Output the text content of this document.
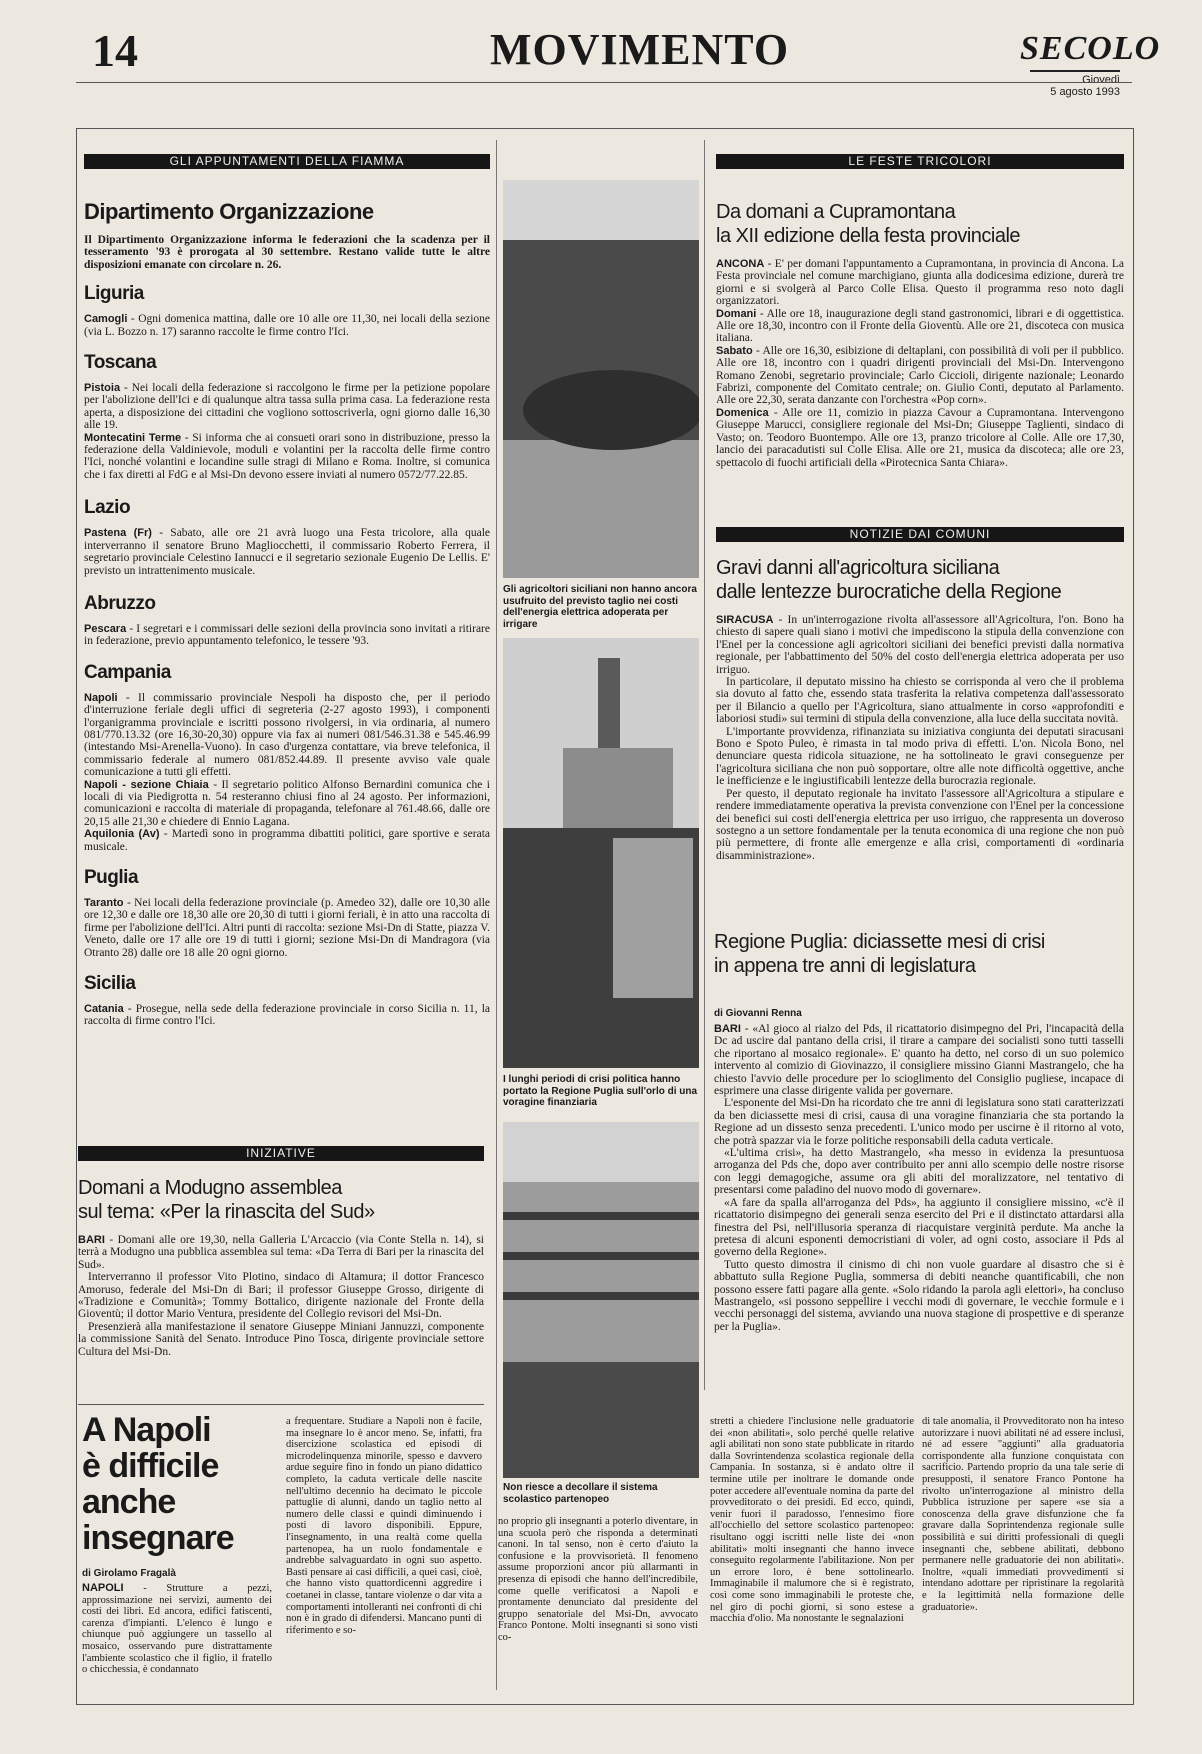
14	MOVIMENTO	SECOLO
Giovedì
5 agosto 1993
GLI APPUNTAMENTI DELLA FIAMMA
Dipartimento Organizzazione

Il Dipartimento Organizzazione informa le federazioni che la scadenza per il tesseramento '93 è prorogata al 30 settembre. Restano valide tutte le altre disposizioni emanate con circolare n. 26.

Liguria

Camogli - Ogni domenica mattina, dalle ore 10 alle ore 11,30, nei locali della sezione (via L. Bozzo n. 17) saranno raccolte le firme contro l'Ici.

Toscana

Pistoia - Nei locali della federazione si raccolgono le firme per la petizione popolare per l'abolizione dell'Ici e di qualunque altra tassa sulla prima casa. La federazione resta aperta, a disposizione dei cittadini che vogliono sottoscriverla, ogni giorno dalle 16,30 alle 19.

Montecatini Terme - Si informa che ai consueti orari sono in distribuzione, presso la federazione della Valdinievole, moduli e volantini per la raccolta delle firme contro l'Ici, nonché volantini e locandine sulle stragi di Milano e Roma. Inoltre, si comunica che i fax diretti al FdG e al Msi-Dn devono essere inviati al numero 0572/77.22.85.

Lazio

Pastena (Fr) - Sabato, alle ore 21 avrà luogo una Festa tricolore, alla quale interverranno il senatore Bruno Magliocchetti, il commissario Roberto Ferrera, il segretario provinciale Celestino Iannucci e il segretario sezionale Eugenio De Lellis. E' previsto un intrattenimento musicale.

Abruzzo

Pescara - I segretari e i commissari delle sezioni della provincia sono invitati a ritirare in federazione, previo appuntamento telefonico, le tessere '93.

Campania

Napoli - Il commissario provinciale Nespoli ha disposto che, per il periodo d'interruzione feriale degli uffici di segreteria (2-27 agosto 1993), i componenti l'organigramma provinciale e iscritti possono rivolgersi, in via ordinaria, al numero 081/770.13.32 (ore 16,30-20,30) oppure via fax ai numeri 081/546.31.38 e 545.46.99 (intestando Msi-Arenella-Vuono). In caso d'urgenza contattare, via breve telefonica, il commissario federale al numero 081/852.44.89. Il presente avviso vale quale comunicazione a tutti gli effetti.

Napoli - sezione Chiaia - Il segretario politico Alfonso Bernardini comunica che i locali di via Piedigrotta n. 54 resteranno chiusi fino al 24 agosto. Per informazioni, comunicazioni e raccolta di materiale di propaganda, telefonare al 761.48.66, dalle ore 20,15 alle 21,30 e chiedere di Ennio Lagana.

Aquilonia (Av) - Martedì sono in programma dibattiti politici, gare sportive e serata musicale.

Puglia

Taranto - Nei locali della federazione provinciale (p. Amedeo 32), dalle ore 10,30 alle ore 12,30 e dalle ore 18,30 alle ore 20,30 di tutti i giorni feriali, è in atto una raccolta di firme per l'abolizione dell'Ici. Altri punti di raccolta: sezione Msi-Dn di Statte, piazza V. Veneto, dalle ore 17 alle ore 19 di tutti i giorni; sezione Msi-Dn di Mandragora (via Otranto 28) dalle ore 18 alle 20 ogni giorno.

Sicilia

Catania - Prosegue, nella sede della federazione provinciale in corso Sicilia n. 11, la raccolta di firme contro l'Ici.

INIZIATIVE
Domani a Modugno assemblea
sul tema: «Per la rinascita del Sud»

BARI - Domani alle ore 19,30, nella Galleria L'Arcaccio (via Conte Stella n. 14), si terrà a Modugno una pubblica assemblea sul tema: «Da Terra di Bari per la rinascita del Sud».

Interverranno il professor Vito Plotino, sindaco di Altamura; il dottor Francesco Amoruso, federale del Msi-Dn di Bari; il professor Giuseppe Grosso, dirigente di «Tradizione e Comunità»; Tommy Bottalico, dirigente nazionale del Fronte della Gioventù; il dottor Mario Ventura, presidente del Collegio revisori del Msi-Dn.

Presenzierà alla manifestazione il senatore Giuseppe Miniani Jannuzzi, componente la commissione Sanità del Senato. Introduce Pino Tosca, dirigente provinciale settore Cultura del Msi-Dn.

Gli agricoltori siciliani non hanno ancora usufruito del previsto taglio nei costi dell'energia elettrica adoperata per irrigare
I lunghi periodi di crisi politica hanno portato la Regione Puglia sull'orlo di una voragine finanziaria
Non riesce a decollare il sistema scolastico partenopeo
LE FESTE TRICOLORI
Da domani a Cupramontana
la XII edizione della festa provinciale

ANCONA - E' per domani l'appuntamento a Cupramontana, in provincia di Ancona. La Festa provinciale nel comune marchigiano, giunta alla dodicesima edizione, durerà tre giorni e si svolgerà al Parco Colle Elisa. Questo il programma reso noto dagli organizzatori.

Domani - Alle ore 18, inaugurazione degli stand gastronomici, librari e di oggettistica. Alle ore 18,30, incontro con il Fronte della Gioventù. Alle ore 21, discoteca con musica italiana.

Sabato - Alle ore 16,30, esibizione di deltaplani, con possibilità di voli per il pubblico. Alle ore 18, incontro con i quadri dirigenti provinciali del Msi-Dn. Intervengono Romano Zenobi, segretario provinciale; Carlo Ciccioli, dirigente nazionale; Leonardo Fabrizi, componente del Comitato centrale; on. Giulio Conti, deputato al Parlamento. Alle ore 22,30, serata danzante con l'orchestra «Pop corn».

Domenica - Alle ore 11, comizio in piazza Cavour a Cupramontana. Intervengono Giuseppe Marucci, consigliere regionale del Msi-Dn; Giuseppe Taglienti, sindaco di Vasto; on. Teodoro Buontempo. Alle ore 13, pranzo tricolore al Colle. Alle ore 17,30, lancio dei paracadutisti sul Colle Elisa. Alle ore 21, musica da discoteca; alle ore 23, spettacolo di fuochi artificiali della «Pirotecnica Santa Chiara».

NOTIZIE DAI COMUNI
Gravi danni all'agricoltura siciliana
dalle lentezze burocratiche della Regione

SIRACUSA - In un'interrogazione rivolta all'assessore all'Agricoltura, l'on. Bono ha chiesto di sapere quali siano i motivi che impediscono la stipula della convenzione con l'Enel per la concessione agli agricoltori siciliani dei benefici previsti dalla normativa regionale, per l'abbattimento del 50% del costo dell'energia elettrica adoperata per uso irriguo.

In particolare, il deputato missino ha chiesto se corrisponda al vero che il problema sia dovuto al fatto che, essendo stata trasferita la relativa competenza dall'assessorato per il Bilancio a quello per l'Agricoltura, siano attualmente in corso «approfonditi e laboriosi studi» sui termini di stipula della convenzione, alla luce della succitata novità.

L'importante provvidenza, rifinanziata su iniziativa congiunta dei deputati siracusani Bono e Spoto Puleo, è rimasta in tal modo priva di effetti. L'on. Nicola Bono, nel denunciare questa ridicola situazione, ne ha sottolineato le gravi conseguenze per l'agricoltura siciliana che non può sopportare, oltre alle note difficoltà oggettive, anche le inefficienze e le ingiustificabili lentezze della burocrazia regionale.

Per questo, il deputato regionale ha invitato l'assessore all'Agricoltura a stipulare e rendere immediatamente operativa la prevista convenzione con l'Enel per la concessione dei benefici sui costi dell'energia elettrica per uso irriguo, che rappresenta un doveroso sostegno a un settore fondamentale per la tenuta economica di una regione che non può più permettere, di fronte alle emergenze e alla crisi, comportamenti di «ordinaria disamministrazione».

Regione Puglia: diciassette mesi di crisi
in appena tre anni di legislatura
di Giovanni Renna

BARI - «Al gioco al rialzo del Pds, il ricattatorio disimpegno del Pri, l'incapacità della Dc ad uscire dal pantano della crisi, il tirare a campare dei socialisti sono tutti tasselli che riportano al mosaico regionale». E' quanto ha detto, nel corso di un suo polemico intervento al comizio di Giovinazzo, il consigliere missino Gianni Mastrangelo, che ha chiesto l'avvio delle procedure per lo scioglimento del Consiglio pugliese, incapace di esprimere una classe dirigente valida per governare.

L'esponente del Msi-Dn ha ricordato che tre anni di legislatura sono stati caratterizzati da ben diciassette mesi di crisi, causa di una voragine finanziaria che sta portando la Regione ad un dissesto senza precedenti. L'unico modo per uscirne è il ritorno al voto, che potrà spazzar via le forze politiche responsabili della caduta verticale.

«L'ultima crisi», ha detto Mastrangelo, «ha messo in evidenza la presuntuosa arroganza del Pds che, dopo aver contribuito per anni allo scempio delle nostre risorse con leggi demagogiche, assume ora gli abiti del moralizzatore, nel tentativo di presentarsi come paladino del nuovo modo di governare».

«A fare da spalla all'arroganza del Pds», ha aggiunto il consigliere missino, «c'è il ricattatorio disimpegno dei generali senza esercito del Pri e il distinctato attardarsi alla finestra del Psi, nell'illusoria speranza di riacquistare verginità perdute. Ma anche la pretesa di alcuni esponenti democristiani di voler, ad ogni costo, associare il Pds al governo della Regione».

Tutto questo dimostra il cinismo di chi non vuole guardare al disastro che si è abbattuto sulla Regione Puglia, sommersa di debiti neanche quantificabili, che non possono essere fatti pagare alla gente. «Solo ridando la parola agli elettori», ha concluso Mastrangelo, «si possono seppellire i vecchi modi di governare, le vecchie formule e i vecchi personaggi del sistema, avviando una nuova stagione di prospettive e di speranze per la Puglia».

A Napoli
è difficile
anche
insegnare
di Girolamo Fragalà

NAPOLI - Strutture a pezzi, approssimazione nei servizi, aumento dei costi dei libri. Ed ancora, edifici fatiscenti, carenza d'impianti. L'elenco è lungo e chiunque può aggiungere un tassello al mosaico, osservando pure distrattamente l'ambiente scolastico che il figlio, il fratello o chicchessia, è condannato

a frequentare. Studiare a Napoli non è facile, ma insegnare lo è ancor meno. Se, infatti, fra disercizione scolastica ed episodi di microdelinquenza minorile, spesso e davvero ardue seguire fino in fondo un piano didattico completo, la caduta verticale delle nascite nell'ultimo decennio ha decimato le piccole pattuglie di alunni, dando un taglio netto al numero delle classi e quindi diminuendo i posti di lavoro disponibili. Eppure, l'insegnamento, in una realtà come quella partenopea, ha un ruolo fondamentale e andrebbe salvaguardato in ogni suo aspetto. Basti pensare ai casi difficili, a quei casi, cioè, che hanno visto quattordicenni aggredire i coetanei in classe, tantare violenze o dar vita a comportamenti intolleranti nei confronti di chi non è in grado di difendersi. Mancano punti di riferimento e so-

no proprio gli insegnanti a poterlo diventare, in una scuola però che risponda a determinati canoni. In tal senso, non è certo d'aiuto la confusione e la provvisorietà. Il fenomeno assume proporzioni ancor più allarmanti in presenza di episodi che hanno dell'incredibile, come quelle verificatosi a Napoli e prontamente denunciato dal presidente del gruppo senatoriale del Msi-Dn, avvocato Franco Pontone. Molti insegnanti si sono visti co-

stretti a chiedere l'inclusione nelle graduatorie dei «non abilitati», solo perché quelle relative agli abilitati non sono state pubblicate in ritardo dalla Sovrintendenza scolastica regionale della Campania. In sostanza, si è andato oltre il termine utile per inoltrare le domande onde poter accedere all'eventuale nomina da parte del provveditorato o dei presidi. Ed ecco, quindi, venir fuori il paradosso, l'ennesimo fiore all'occhiello del settore scolastico partenopeo: risultano oggi iscritti nelle liste dei «non abilitati» molti insegnanti che hanno invece conseguito regolarmente l'abilitazione. Non per un errore loro, è bene sottolinearlo. Immaginabile il malumore che si è registrato, così come sono immaginabili le proteste che, nel giro di pochi giorni, si sono estese a macchia d'olio. Ma nonostante le segnalazioni

di tale anomalia, il Provveditorato non ha inteso autorizzare i nuovi abilitati né ad essere inclusi, né ad essere "aggiunti" alla graduatoria corrispondente alla funzione conquistata con sacrificio. Partendo proprio da una tale serie di presupposti, il senatore Franco Pontone ha rivolto un'interrogazione al ministro della Pubblica istruzione per sapere «se sia a conoscenza della grave disfunzione che fa gravare dalla Soprintendenza regionale sulle possibilità e sui diritti professionali di quegli insegnanti che, sebbene abilitati, debbono permanere nelle graduatorie dei non abilitati». Inoltre, «quali immediati provvedimenti si intendano adottare per ripristinare la regolarità e la legittimità nella formazione delle graduatorie».
